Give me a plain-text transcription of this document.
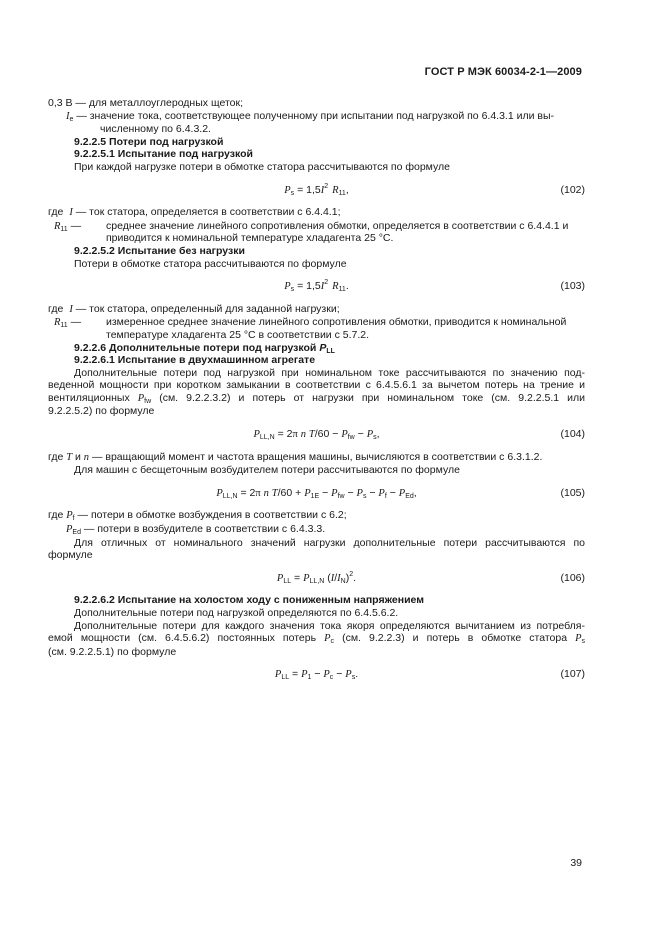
ГОСТ Р МЭК 60034-2-1—2009
0,3 В — для металлоуглеродных щеток;
$I_e$ — значение тока, соответствующее полученному при испытании под нагрузкой по 6.4.3.1 или вы-
численному по 6.4.3.2.
9.2.2.5 Потери под нагрузкой
9.2.2.5.1 Испытание под нагрузкой
При каждой нагрузке потери в обмотке статора рассчитываются по формуле
$P_s = 1,5I^2$ $R_{11}$,	(102)
где I — ток статора, определяется в соответствии с 6.4.4.1;
$R_{11}$ —	среднее значение линейного сопротивления обмотки, определяется в соответствии с 6.4.4.1 и
приводится к номинальной температуре хладагента 25 °С.
9.2.2.5.2 Испытание без нагрузки
Потери в обмотке статора рассчитываются по формуле
$P_s = 1,5I^2$ $R_{11}$.	(103)
где I — ток статора, определенный для заданной нагрузки;
$R_{11}$ —	измеренное среднее значение линейного сопротивления обмотки, приводится к номинальной
температуре хладагента 25 °С в соответствии с 5.7.2.
9.2.2.6 Дополнительные потери под нагрузкой $P_{LL}$
9.2.2.6.1 Испытание в двухмашинном агрегате
Дополнительные потери под нагрузкой при номинальном токе рассчитываются по значению под-
веденной мощности при коротком замыкании в соответствии с 6.4.5.6.1 за вычетом потерь на трение и
вентиляционных $P_{fw}$ (см. 9.2.2.3.2) и потерь от нагрузки при номинальном токе (см. 9.2.2.5.1 или
9.2.2.5.2) по формуле
$P_{LL,N} = 2\pi$ n $T/60 - P_{fw} - P_s$,	(104)
где T и n — вращающий момент и частота вращения машины, вычисляются в соответствии с 6.3.1.2.
Для машин с бесщеточным возбудителем потери рассчитываются по формуле
$P_{LL,N} = 2\pi$ n $T/60 + P_{1E} - P_{fw} - P_s - P_f - P_{Ed}$,	(105)
где $P_f$ — потери в обмотке возбуждения в соответствии с 6.2;
$P_{Ed}$ — потери в возбудителе в соответствии с 6.4.3.3.
Для отличных от номинального значений нагрузки дополнительные потери рассчитываются по
формуле
$P_{LL} = P_{LL,N}$ $(I/I_N)^2$.	(106)
9.2.2.6.2 Испытание на холостом ходу с пониженным напряжением
Дополнительные потери под нагрузкой определяются по 6.4.5.6.2.
Дополнительные потери для каждого значения тока якоря определяются вычитанием из потребля-
емой мощности (см. 6.4.5.6.2) постоянных потерь $P_c$ (см. 9.2.2.3) и потерь в обмотке статора $P_s$
(см. 9.2.2.5.1) по формуле
$P_{LL} = P_1 - P_c - P_s$.	(107)
39
